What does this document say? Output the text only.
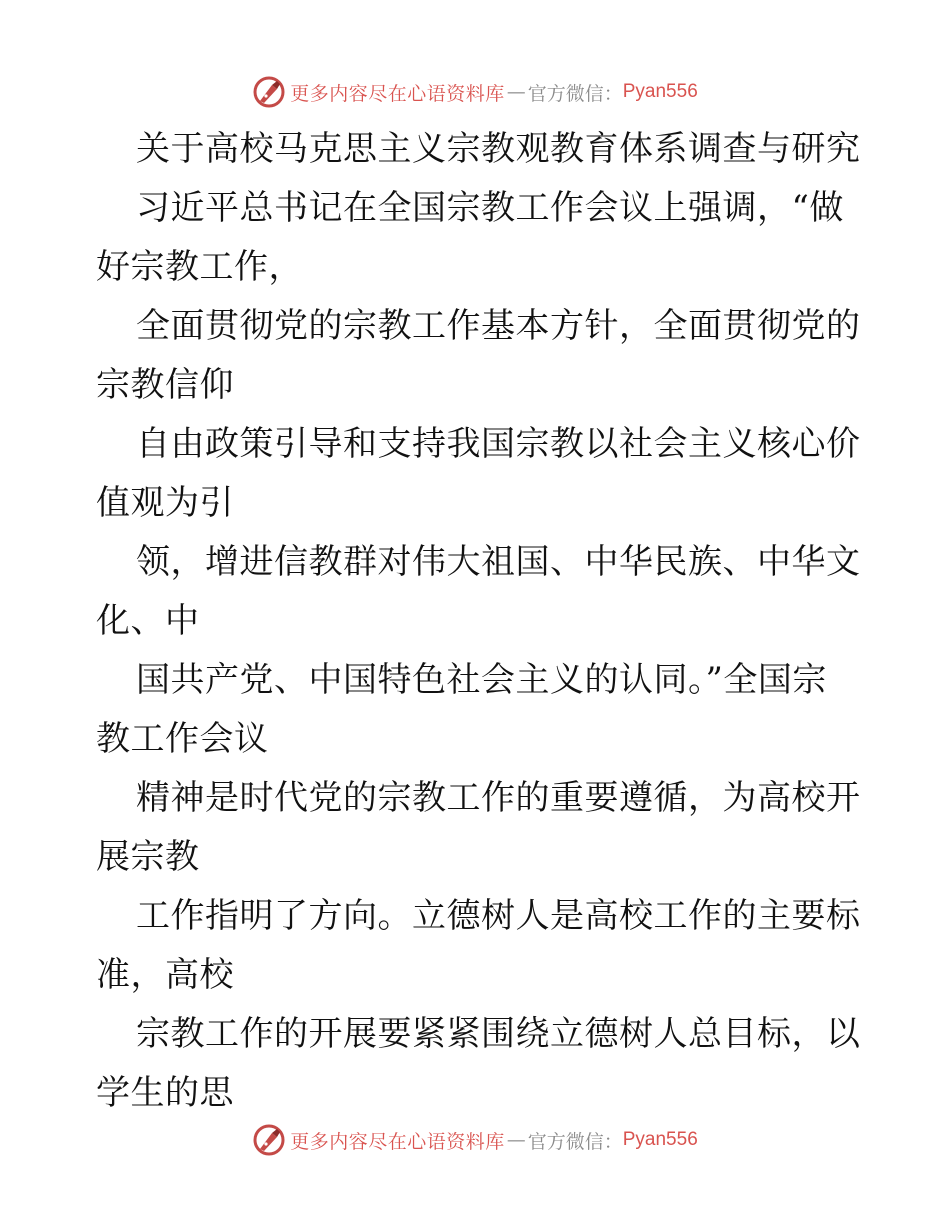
更多内容尽在心语资料库 — 官方微信： Pyan556
关于高校马克思主义宗教观教育体系调查与研究
习近平总书记在全国宗教工作会议上强调，“做
好宗教工作，
全面贯彻党的宗教工作基本方针，全面贯彻党的
宗教信仰
自由政策引导和支持我国宗教以社会主义核心价
值观为引
领，增进信教群对伟大祖国、中华民族、中华文
化、中
国共产党、中国特色社会主义的认同。”全国宗
教工作会议
精神是时代党的宗教工作的重要遵循，为高校开
展宗教
工作指明了方向。立德树人是高校工作的主要标
准，高校
宗教工作的开展要紧紧围绕立德树人总目标，以
学生的思
更多内容尽在心语资料库 — 官方微信： Pyan556
